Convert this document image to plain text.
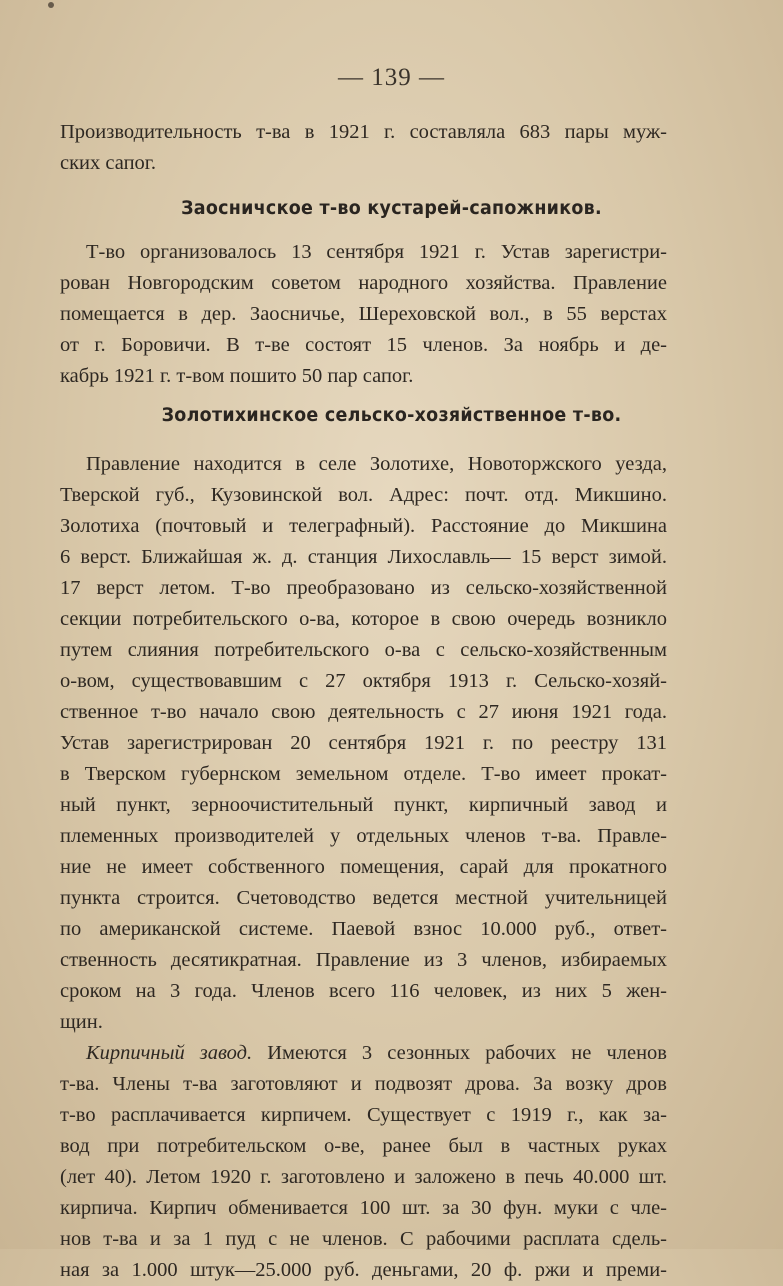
— 139 —
Производительность т-ва в 1921 г. составляла 683 пары муж-
ских сапог.
Заосничское т-во кустарей-сапожников.
Т-во организовалось 13 сентября 1921 г. Устав зарегистри-
рован Новгородским советом народного хозяйства. Правление
помещается в дер. Заосничье, Шереховской вол., в 55 верстах
от г. Боровичи. В т-ве состоят 15 членов. За ноябрь и де-
кабрь 1921 г. т-вом пошито 50 пар сапог.
Золотихинское сельско-хозяйственное т-во.
Правление находится в селе Золотихе, Новоторжского уезда,
Тверской губ., Кузовинской вол. Адрес: почт. отд. Микшино.
Золотиха (почтовый и телеграфный). Расстояние до Микшина
6 верст. Ближайшая ж. д. станция Лихославль— 15 верст зимой.
17 верст летом. Т-во преобразовано из сельско-хозяйственной
секции потребительского о-ва, которое в свою очередь возникло
путем слияния потребительского о-ва с сельско-хозяйственным
о-вом, существовавшим с 27 октября 1913 г. Сельско-хозяй-
ственное т-во начало свою деятельность с 27 июня 1921 года.
Устав зарегистрирован 20 сентября 1921 г. по реестру 131
в Тверском губернском земельном отделе. Т-во имеет прокат-
ный пункт, зерноочистительный пункт, кирпичный завод и
племенных производителей у отдельных членов т-ва. Правле-
ние не имеет собственного помещения, сарай для прокатного
пункта строится. Счетоводство ведется местной учительницей
по американской системе. Паевой взнос 10.000 руб., ответ-
ственность десятикратная. Правление из 3 членов, избираемых
сроком на 3 года. Членов всего 116 человек, из них 5 жен-
щин.
Кирпичный завод. Имеются 3 сезонных рабочих не членов
т-ва. Члены т-ва заготовляют и подвозят дрова. За возку дров
т-во расплачивается кирпичем. Существует с 1919 г., как за-
вод при потребительском о-ве, ранее был в частных руках
(лет 40). Летом 1920 г. заготовлено и заложено в печь 40.000 шт.
кирпича. Кирпич обменивается 100 шт. за 30 фун. муки с чле-
нов т-ва и за 1 пуд с не членов. С рабочими расплата сдель-
ная за 1.000 штук—25.000 руб. деньгами, 20 ф. ржи и преми-
